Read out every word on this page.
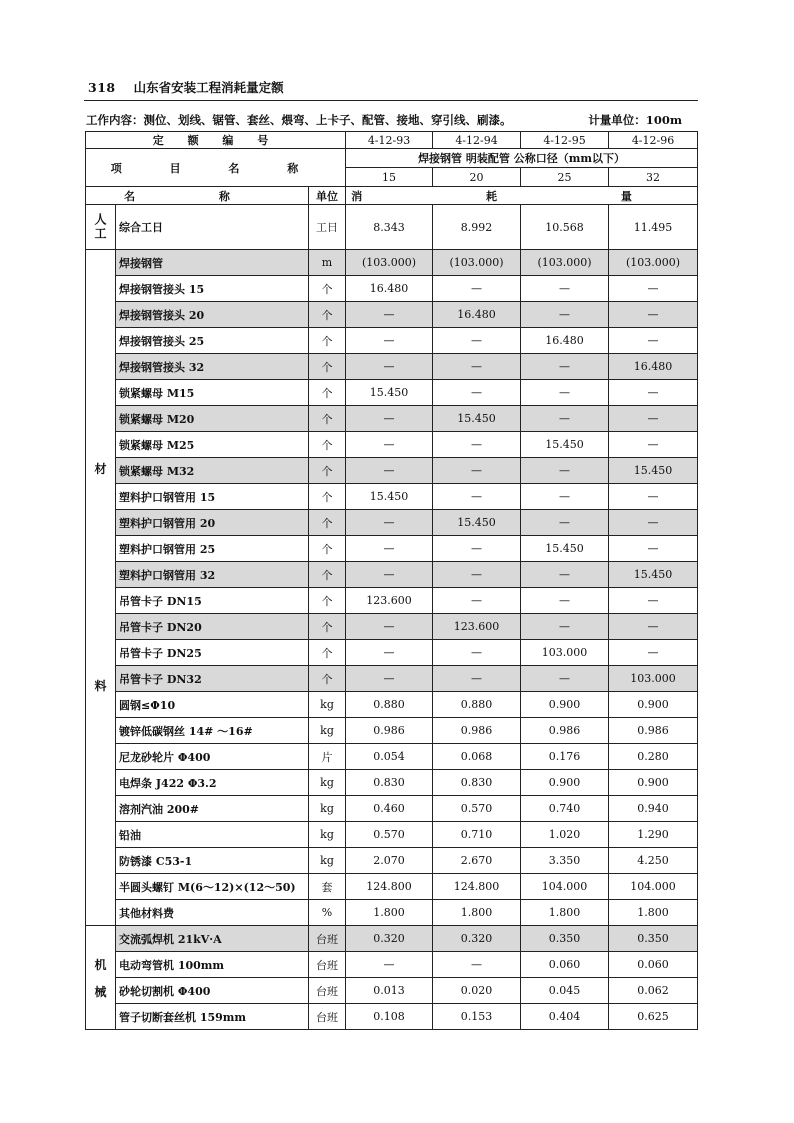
318 山东省安装工程消耗量定额
工作内容：测位、划线、锯管、套丝、煨弯、上卡子、配管、接地、穿引线、刷漆。	计量单位：100m
定 额 编 号			4-12-93	4-12-94	4-12-95	4-12-96
项 目 名 称			焊接钢管 明装配管 公称口径（mm以下）			
			15	20	25	32
名 称		单位	消 耗 量			
人工	综合工日	工日	8.343	8.992	10.568	11.495

材
料	焊接钢管	m	(103.000)	(103.000)	(103.000)	(103.000)
	焊接钢管接头 15	个	16.480	—	—	—
	焊接钢管接头 20	个	—	16.480	—	—
	焊接钢管接头 25	个	—	—	16.480	—
	焊接钢管接头 32	个	—	—	—	16.480
	锁紧螺母 M15	个	15.450	—	—	—
	锁紧螺母 M20	个	—	15.450	—	—
	锁紧螺母 M25	个	—	—	15.450	—
	锁紧螺母 M32	个	—	—	—	15.450
	塑料护口钢管用 15	个	15.450	—	—	—
	塑料护口钢管用 20	个	—	15.450	—	—
	塑料护口钢管用 25	个	—	—	15.450	—
	塑料护口钢管用 32	个	—	—	—	15.450
	吊管卡子 DN15	个	123.600	—	—	—
	吊管卡子 DN20	个	—	123.600	—	—
	吊管卡子 DN25	个	—	—	103.000	—
	吊管卡子 DN32	个	—	—	—	103.000
	圆钢≤Φ10	kg	0.880	0.880	0.900	0.900
	镀锌低碳钢丝 14# ～16#	kg	0.986	0.986	0.986	0.986
	尼龙砂轮片 Φ400	片	0.054	0.068	0.176	0.280
	电焊条 J422 Φ3.2	kg	0.830	0.830	0.900	0.900
	溶剂汽油 200#	kg	0.460	0.570	0.740	0.940
	铅油	kg	0.570	0.710	1.020	1.290
	防锈漆 C53-1	kg	2.070	2.670	3.350	4.250
	半圆头螺钉 M(6～12)×(12～50)	套	124.800	124.800	104.000	104.000
	其他材料费	%	1.800	1.800	1.800	1.800

机
械	交流弧焊机 21kV·A	台班	0.320	0.320	0.350	0.350
	电动弯管机 100mm	台班	—	—	0.060	0.060
	砂轮切割机 Φ400	台班	0.013	0.020	0.045	0.062
	管子切断套丝机 159mm	台班	0.108	0.153	0.404	0.625
